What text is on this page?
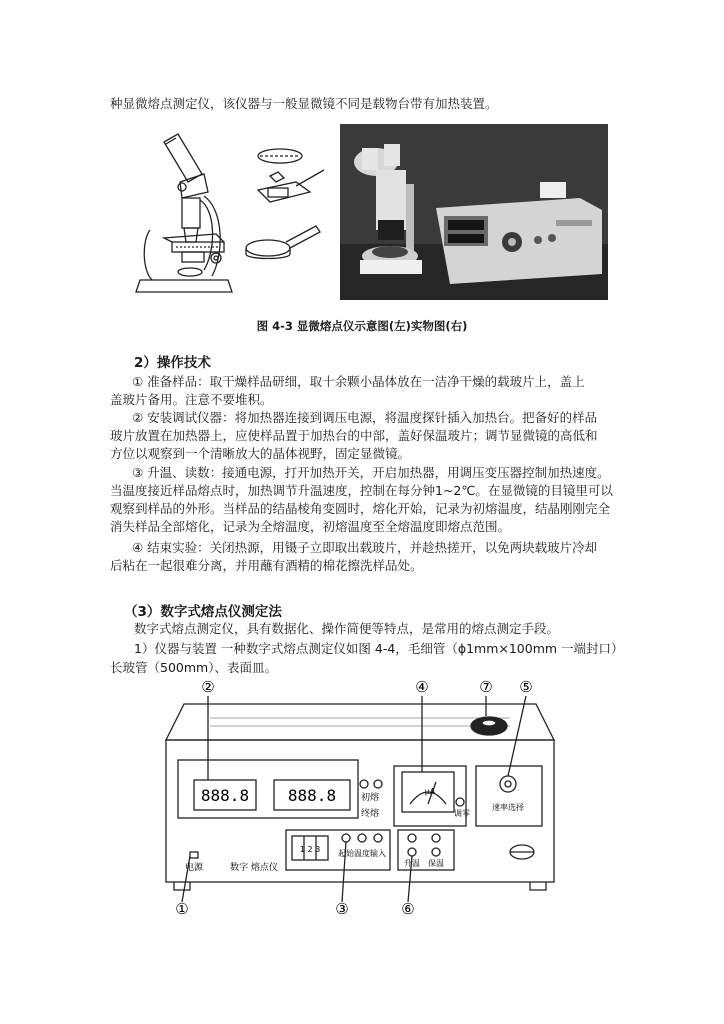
种显微熔点测定仪，该仪器与一般显微镜不同是载物台带有加热装置。
图 4-3 显微熔点仪示意图(左)实物图(右)
2）操作技术
① 准备样品：取干燥样品研细，取十余颗小晶体放在一洁净干燥的载玻片上，盖上
盖玻片备用。注意不要堆积。
② 安装调试仪器：将加热器连接到调压电源，将温度探针插入加热台。把备好的样品
玻片放置在加热器上，应使样品置于加热台的中部，盖好保温玻片；调节显微镜的高低和
方位以观察到一个清晰放大的晶体视野，固定显微镜。
③ 升温、读数：接通电源，打开加热开关，开启加热器，用调压变压器控制加热速度。
当温度接近样品熔点时，加热调节升温速度，控制在每分钟1~2℃。在显微镜的目镜里可以
观察到样品的外形。当样品的结晶棱角变圆时，熔化开始，记录为初熔温度，结晶刚刚完全
消失样品全部熔化，记录为全熔温度，初熔温度至全熔温度即熔点范围。
④ 结束实验：关闭热源，用镊子立即取出载玻片，并趁热搓开，以免两块载玻片冷却
后粘在一起很难分离，并用蘸有酒精的棉花擦洗样品处。
（3）数字式熔点仪测定法
数字式熔点测定仪，具有数据化、操作简便等特点，是常用的熔点测定手段。
1）仪器与装置 一种数字式熔点测定仪如图 4-4，毛细管（ɸ1mm×100mm 一端封口）
长玻管（500mm）、表面皿。
②	④	⑦ ⑤
①	③	⑥
888.8 888.8	初熔
终熔
μA
调零
速率选择
电源	数字 熔点仪
1 2 3 起始温度输入
升温 保温
